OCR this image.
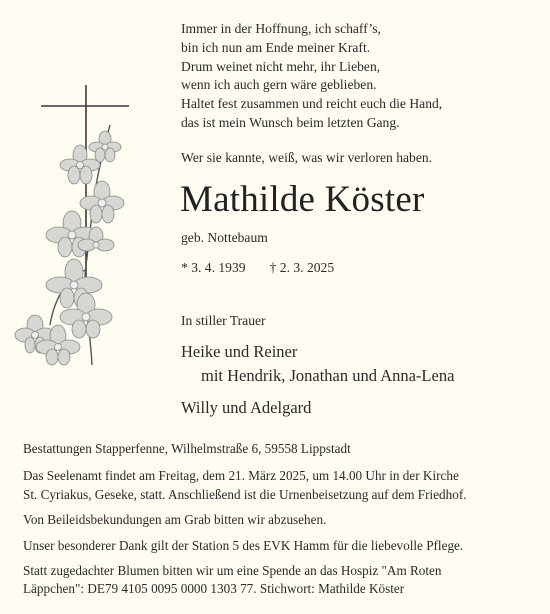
Immer in der Hoffnung, ich schaff’s,
bin ich nun am Ende meiner Kraft.
Drum weinet nicht mehr, ihr Lieben,
wenn ich auch gern wäre geblieben.
Haltet fest zusammen und reicht euch die Hand,
das ist mein Wunsch beim letzten Gang.
Wer sie kannte, weiß, was wir verloren haben.
Mathilde Köster
geb. Nottebaum
* 3. 4. 1939 † 2. 3. 2025
In stiller Trauer
Heike und Reiner
mit Hendrik, Jonathan und Anna-Lena
Willy und Adelgard

Bestattungen Stapperfenne, Wilhelmstraße 6, 59558 Lippstadt

Das Seelenamt findet am Freitag, dem 21. März 2025, um 14.00 Uhr in der Kirche
St. Cyriakus, Geseke, statt. Anschließend ist die Urnenbeisetzung auf dem Friedhof.

Von Beileidsbekundungen am Grab bitten wir abzusehen.

Unser besonderer Dank gilt der Station 5 des EVK Hamm für die liebevolle Pflege.

Statt zugedachter Blumen bitten wir um eine Spende an das Hospiz "Am Roten
Läppchen": DE79 4105 0095 0000 1303 77. Stichwort: Mathilde Köster
